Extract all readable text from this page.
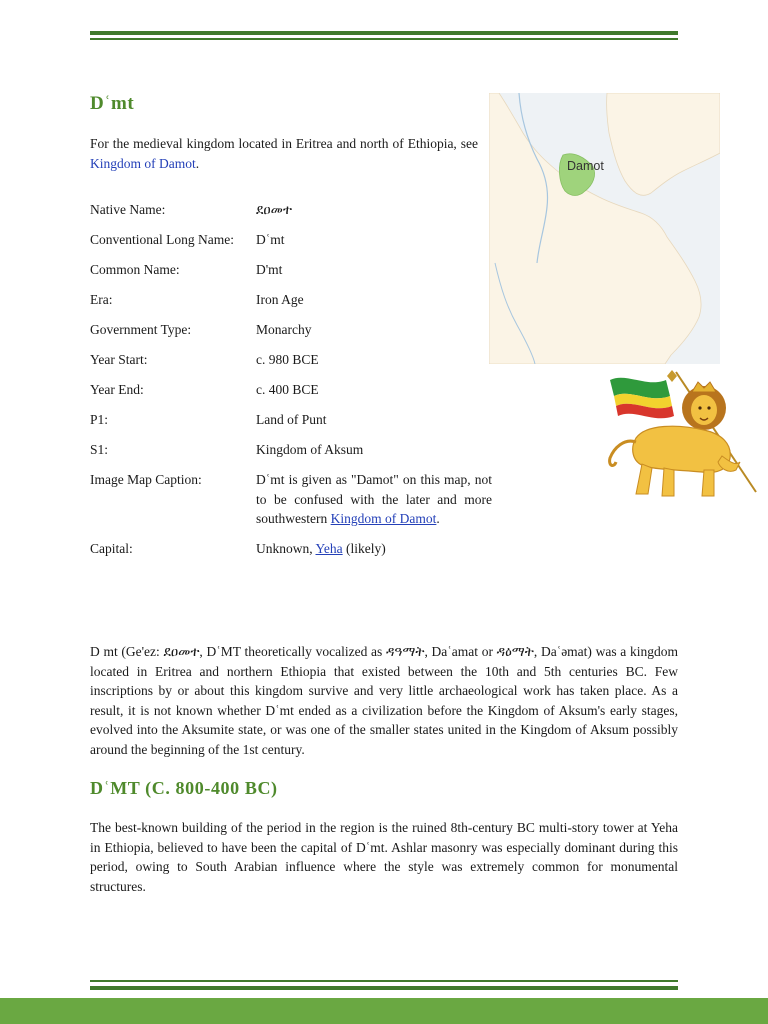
Dʿmt

For the medieval kingdom located in Eritrea and north of Ethiopia, see Kingdom of Damot.

Native Name:	ደዐመተ
Conventional Long Name:	Dʿmt
Common Name:	D'mt
Era:	Iron Age
Government Type:	Monarchy
Year Start:	c. 980 BCE
Year End:	c. 400 BCE
P1:	Land of Punt
S1:	Kingdom of Aksum
Image Map Caption:	Dʿmt is given as "Damot" on this map, not to be confused with the later and more southwestern Kingdom of Damot.
Capital:	Unknown, Yeha (likely)
Damot

D mt (Ge'ez: ደዐመተ, DʿMT theoretically vocalized as ዳዓማት, Daʿamat or ዳዕማት, Daʿəmat) was a kingdom located in Eritrea and northern Ethiopia that existed between the 10th and 5th centuries BC. Few inscriptions by or about this kingdom survive and very little archaeological work has taken place. As a result, it is not known whether Dʿmt ended as a civilization before the Kingdom of Aksum's early stages, evolved into the Aksumite state, or was one of the smaller states united in the Kingdom of Aksum possibly around the beginning of the 1st century.

DʿMT (C. 800-400 BC)

The best-known building of the period in the region is the ruined 8th-century BC multi-story tower at Yeha in Ethiopia, believed to have been the capital of Dʿmt. Ashlar masonry was especially dominant during this period, owing to South Arabian influence where the style was extremely common for monumental structures.
